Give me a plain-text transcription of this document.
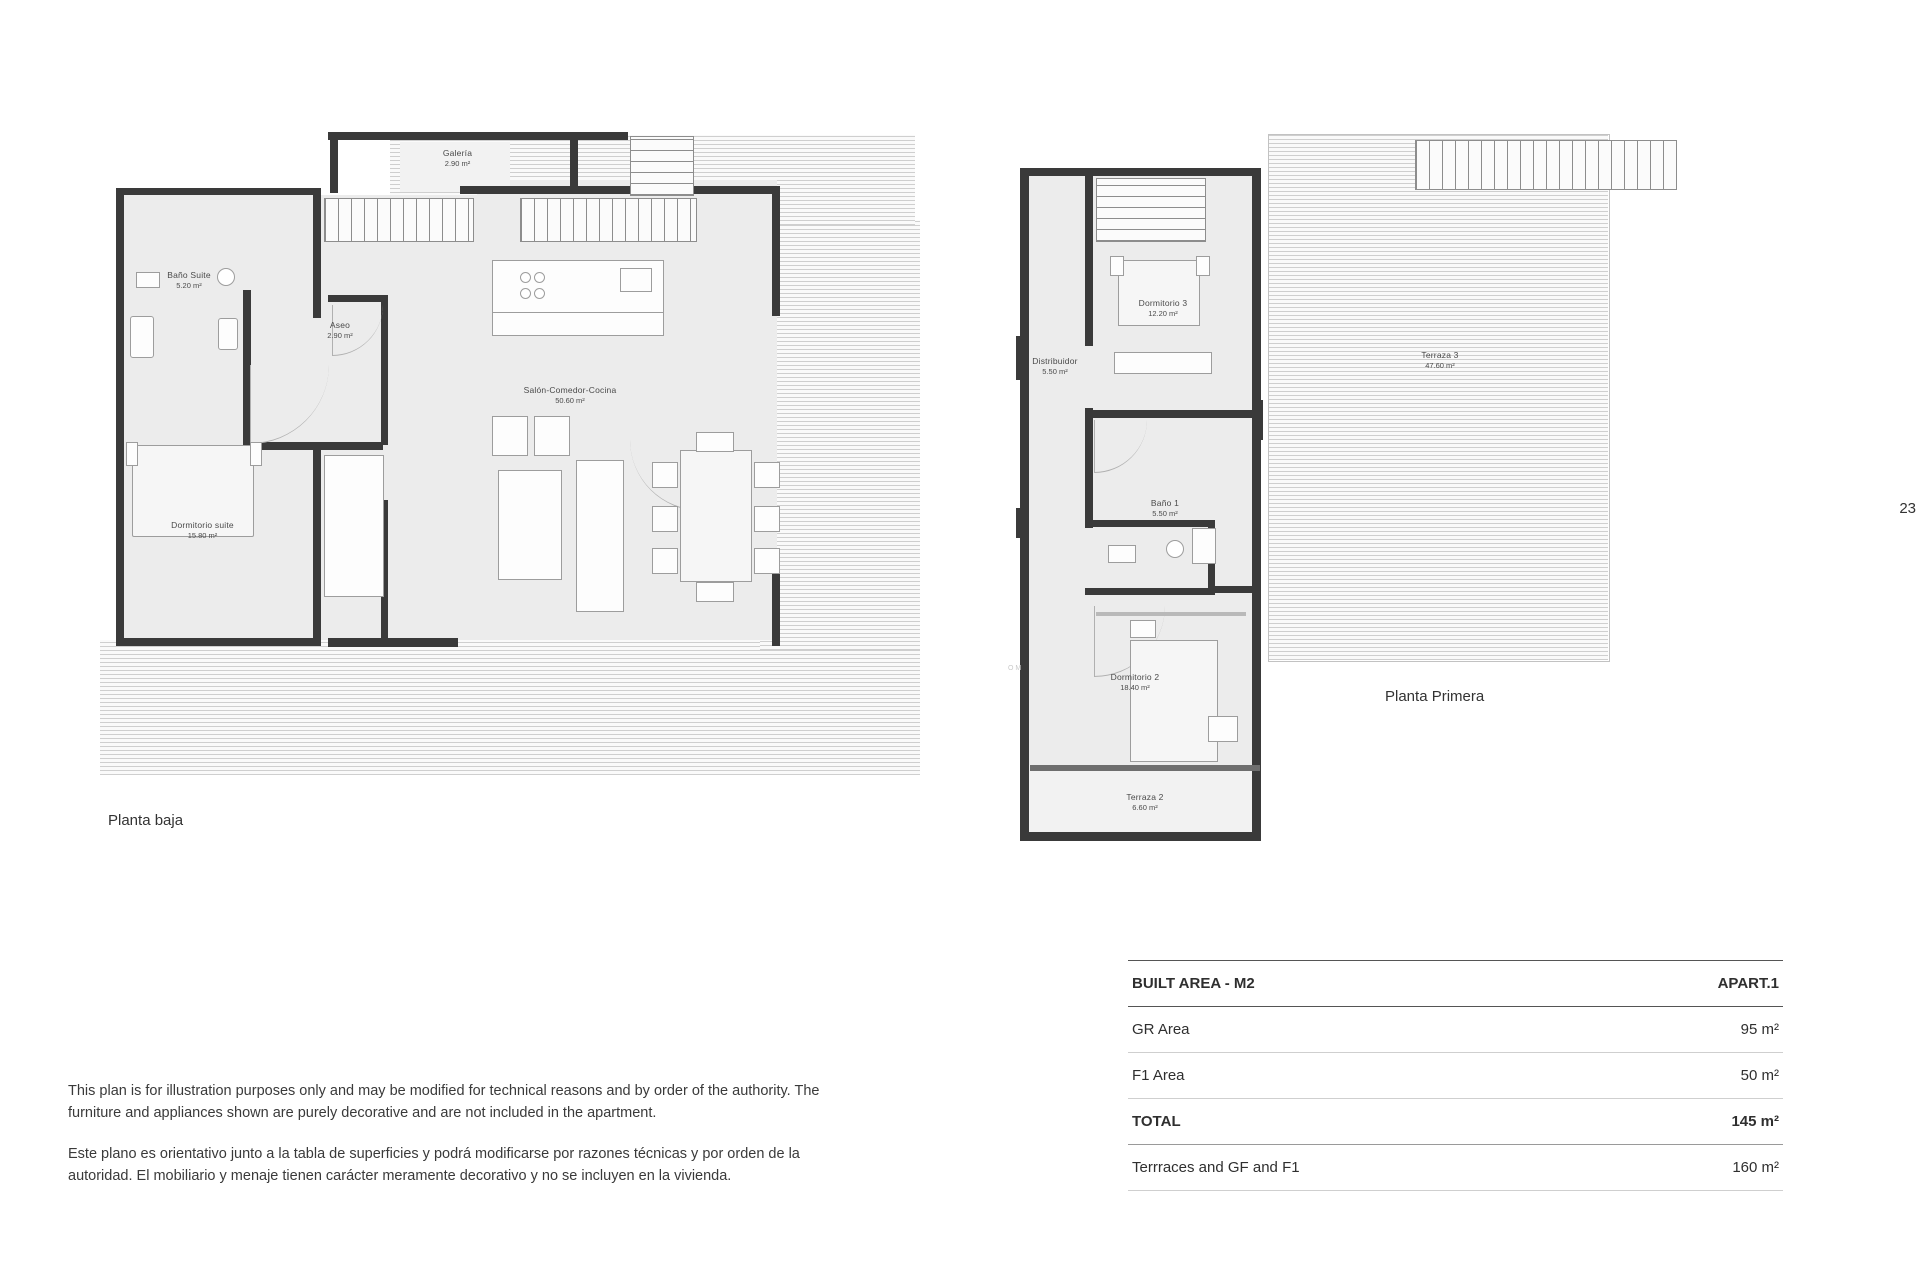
Galería
2.90 m²
Baño Suite
5.20 m²
Aseo
2.90 m²
Salón-Comedor-Cocina
50.60 m²
Dormitorio suite
15.80 m²
Planta baja
Dormitorio 3
12.20 m²
Terraza 3
47.60 m²
Distribuidor
5.50 m²
Baño 1
5.50 m²
Dormitorio 2
18.40 m²
Terraza 2
6.60 m²
Planta Primera
O M

This plan is for illustration purposes only and may be modified for technical reasons and by order of the authority. The furniture and appliances shown are purely decorative and are not included in the apartment.

Este plano es orientativo junto a la tabla de superficies y podrá modificarse por razones técnicas y por orden de la autoridad. El mobiliario y menaje tienen carácter meramente decorativo y no se incluyen en la vivienda.

BUILT AREA - M2	APART.1
GR Area	95 m²
F1 Area	50 m²
TOTAL	145 m²
Terrraces and GF and F1	160 m²
23
